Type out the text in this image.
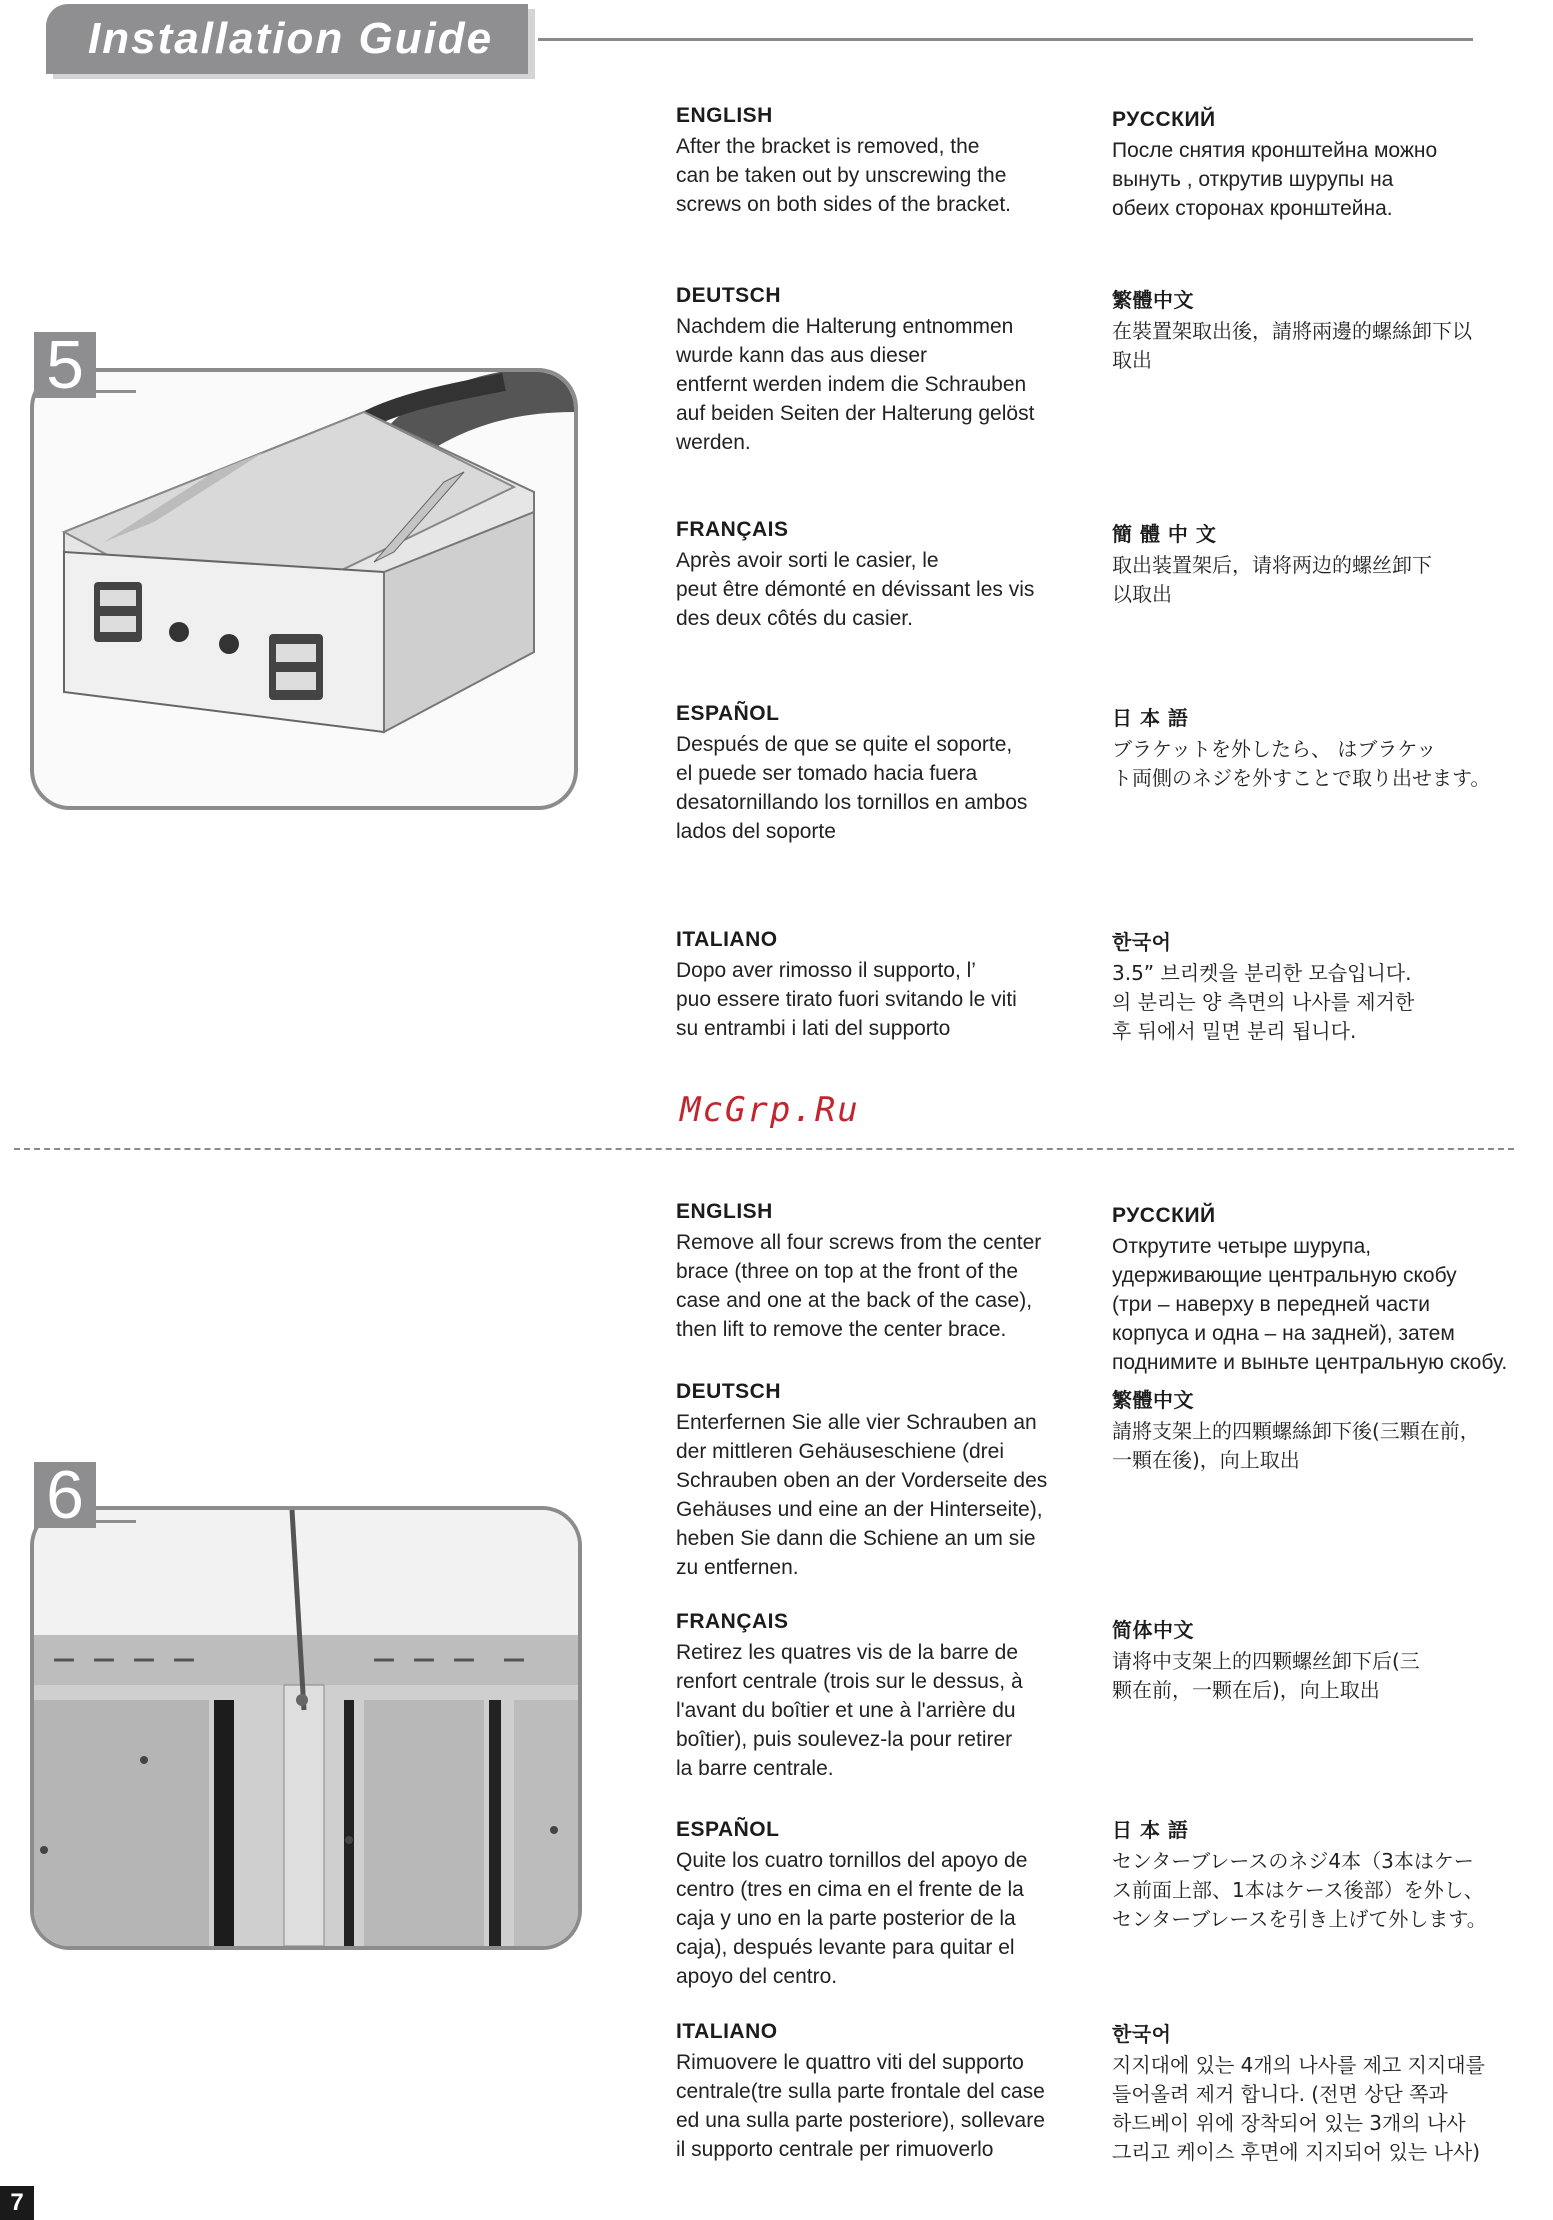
Installation Guide
5

ENGLISH

After the bracket is removed, the
can be taken out by unscrewing the
screws on both sides of the bracket.

DEUTSCH

Nachdem die Halterung entnommen
wurde kann das aus dieser
entfernt werden indem die Schrauben
auf beiden Seiten der Halterung gelöst
werden.

FRANÇAIS

Après avoir sorti le casier, le
peut être démonté en dévissant les vis
des deux côtés du casier.

ESPAÑOL

Después de que se quite el soporte,
el puede ser tomado hacia fuera
desatornillando los tornillos en ambos
lados del soporte

ITALIANO

Dopo aver rimosso il supporto, l’
puo essere tirato fuori svitando le viti
su entrambi i lati del supporto

РУССКИЙ

После снятия кронштейна можно
вынуть , открутив шурупы на
обеих сторонах кронштейна.

繁體中文

在裝置架取出後，請將兩邊的螺絲卸下以
取出

簡 體 中 文

取出装置架后，请将两边的螺丝卸下
以取出

日 本 語

ブラケットを外したら、 はブラケッ
ト両側のネジを外すことで取り出せます。

한국어

3.5” 브리켓을 분리한 모습입니다.
의 분리는 양 측면의 나사를 제거한
후 뒤에서 밀면 분리 됩니다.

McGrp.Ru
6

ENGLISH

Remove all four screws from the center
brace (three on top at the front of the
case and one at the back of the case),
then lift to remove the center brace.

DEUTSCH

Enterfernen Sie alle vier Schrauben an
der mittleren Gehäuseschiene (drei
Schrauben oben an der Vorderseite des
Gehäuses und eine an der Hinterseite),
heben Sie dann die Schiene an um sie
zu entfernen.

FRANÇAIS

Retirez les quatres vis de la barre de
renfort centrale (trois sur le dessus, à
l'avant du boîtier et une à l'arrière du
boîtier), puis soulevez-la pour retirer
la barre centrale.

ESPAÑOL

Quite los cuatro tornillos del apoyo de
centro (tres en cima en el frente de la
caja y uno en la parte posterior de la
caja), después levante para quitar el
apoyo del centro.

ITALIANO

Rimuovere le quattro viti del supporto
centrale(tre sulla parte frontale del case
ed una sulla parte posteriore), sollevare
il supporto centrale per rimuoverlo

РУССКИЙ

Открутите четыре шурупа,
удерживающие центральную скобу
(три – наверху в передней части
корпуса и одна – на задней), затем
поднимите и выньте центральную скобу.

繁體中文

請將支架上的四顆螺絲卸下後(三顆在前，
一顆在後)，向上取出

简体中文

请将中支架上的四颗螺丝卸下后(三
颗在前，一颗在后)，向上取出

日 本 語

センターブレースのネジ4本（3本はケー
ス前面上部、1本はケース後部）を外し、
センターブレースを引き上げて外します。

한국어

지지대에 있는 4개의 나사를 제고 지지대를
들어올려 제거 합니다. (전면 상단 쪽과
하드베이 위에 장착되어 있는 3개의 나사
그리고 케이스 후면에 지지되어 있는 나사)

7
